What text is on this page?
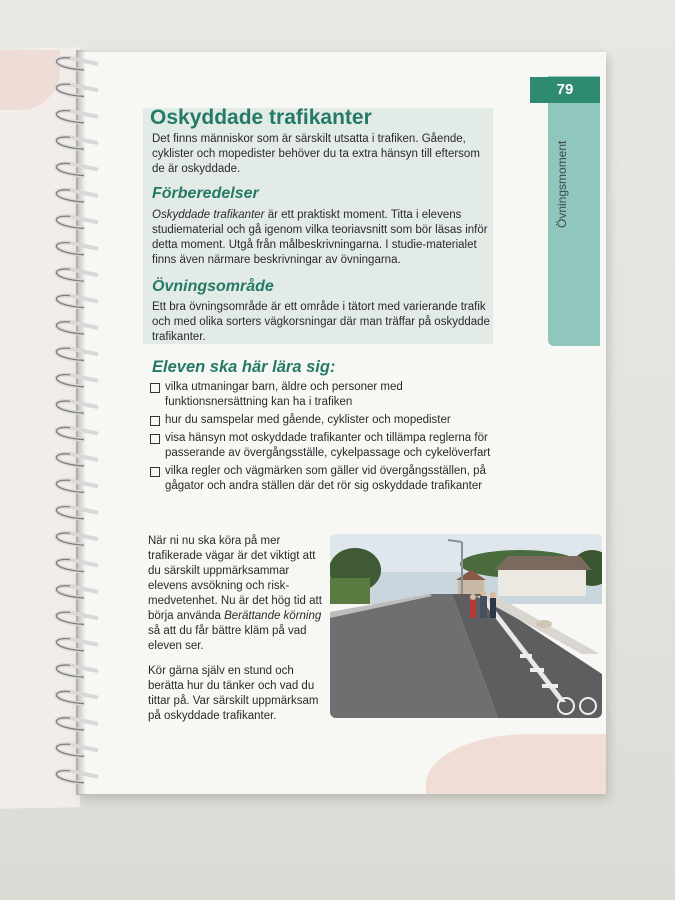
79
Övningsmoment
Oskyddade trafikanter

Det finns människor som är särskilt utsatta i trafiken. Gående, cyklister och mopedister behöver du ta extra hänsyn till eftersom de är oskyddade.

Förberedelser

Oskyddade trafikanter är ett praktiskt moment. Titta i elevens studiematerial och gå igenom vilka teoriavsnitt som bör läsas inför detta moment. Utgå från målbeskrivningarna. I studie-materialet finns även närmare beskrivningar av övningarna.

Övningsområde

Ett bra övningsområde är ett område i tätort med varierande trafik och med olika sorters vägkorsningar där man träffar på oskyddade trafikanter.

Eleven ska här lära sig:
vilka utmaningar barn, äldre och personer med funktionsnersättning kan ha i trafiken
hur du samspelar med gående, cyklister och mopedister
visa hänsyn mot oskyddade trafikanter och tillämpa reglerna för passerande av övergångsställe, cykelpassage och cykelöverfart
vilka regler och vägmärken som gäller vid övergångsställen, på gågator och andra ställen där det rör sig oskyddade trafikanter

När ni nu ska köra på mer trafikerade vägar är det viktigt att du särskilt uppmärksammar elevens avsökning och risk-medvetenhet. Nu är det hög tid att börja använda Berättande körning så att du får bättre kläm på vad eleven ser.

Kör gärna själv en stund och berätta hur du tänker och vad du tittar på. Var särskilt uppmärksam på oskyddade trafikanter.
